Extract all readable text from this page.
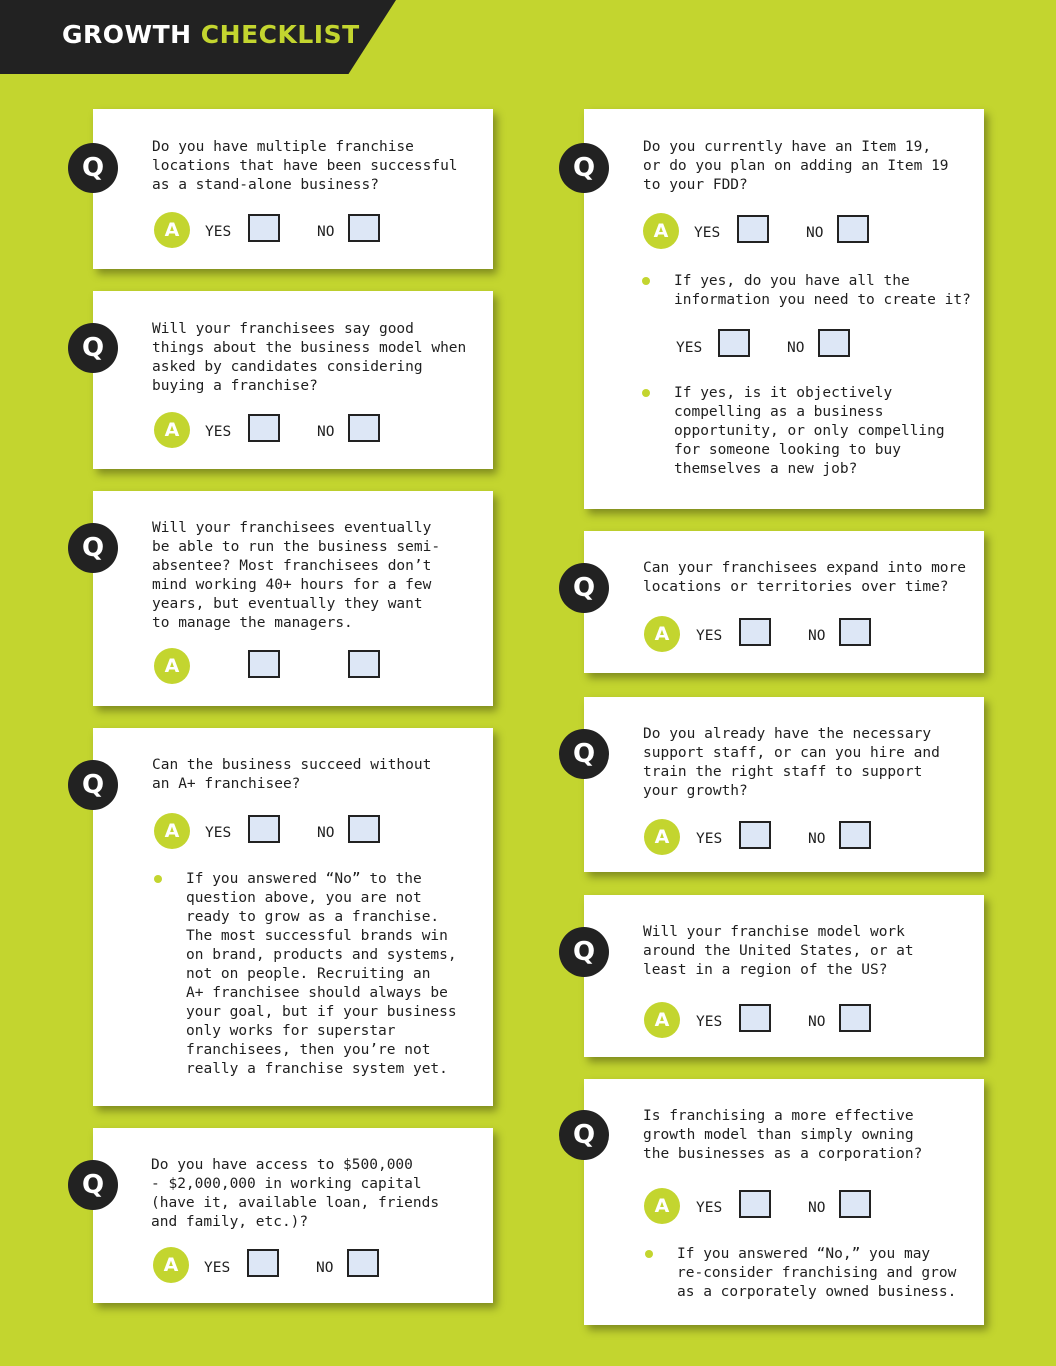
GROWTH CHECKLIST
Q
Do you have multiple franchise
locations that have been successful
as a stand-alone business?
A	YES	NO
Q
Will your franchisees say good
things about the business model when
asked by candidates considering
buying a franchise?
A	YES	NO
Q
Will your franchisees eventually
be able to run the business semi-
absentee? Most franchisees don’t
mind working 40+ hours for a few
years, but eventually they want
to manage the managers.
A
Q
Can the business succeed without
an A+ franchisee?
A	YES	NO
If you answered “No” to the
question above, you are not
ready to grow as a franchise.
The most successful brands win
on brand, products and systems,
not on people. Recruiting an
A+ franchisee should always be
your goal, but if your business
only works for superstar
franchisees, then you’re not
really a franchise system yet.
Q
Do you have access to $500,000
- $2,000,000 in working capital
(have it, available loan, friends
and family, etc.)?
A	YES	NO
Q
Do you currently have an Item 19,
or do you plan on adding an Item 19
to your FDD?
A	YES	NO
If yes, do you have all the
information you need to create it?
YES	NO
If yes, is it objectively
compelling as a business
opportunity, or only compelling
for someone looking to buy
themselves a new job?
Q
Can your franchisees expand into more
locations or territories over time?
A	YES	NO
Q
Do you already have the necessary
support staff, or can you hire and
train the right staff to support
your growth?
A	YES	NO
Q
Will your franchise model work
around the United States, or at
least in a region of the US?
A	YES	NO
Q
Is franchising a more effective
growth model than simply owning
the businesses as a corporation?
A	YES	NO
If you answered “No,” you may
re-consider franchising and grow
as a corporately owned business.
